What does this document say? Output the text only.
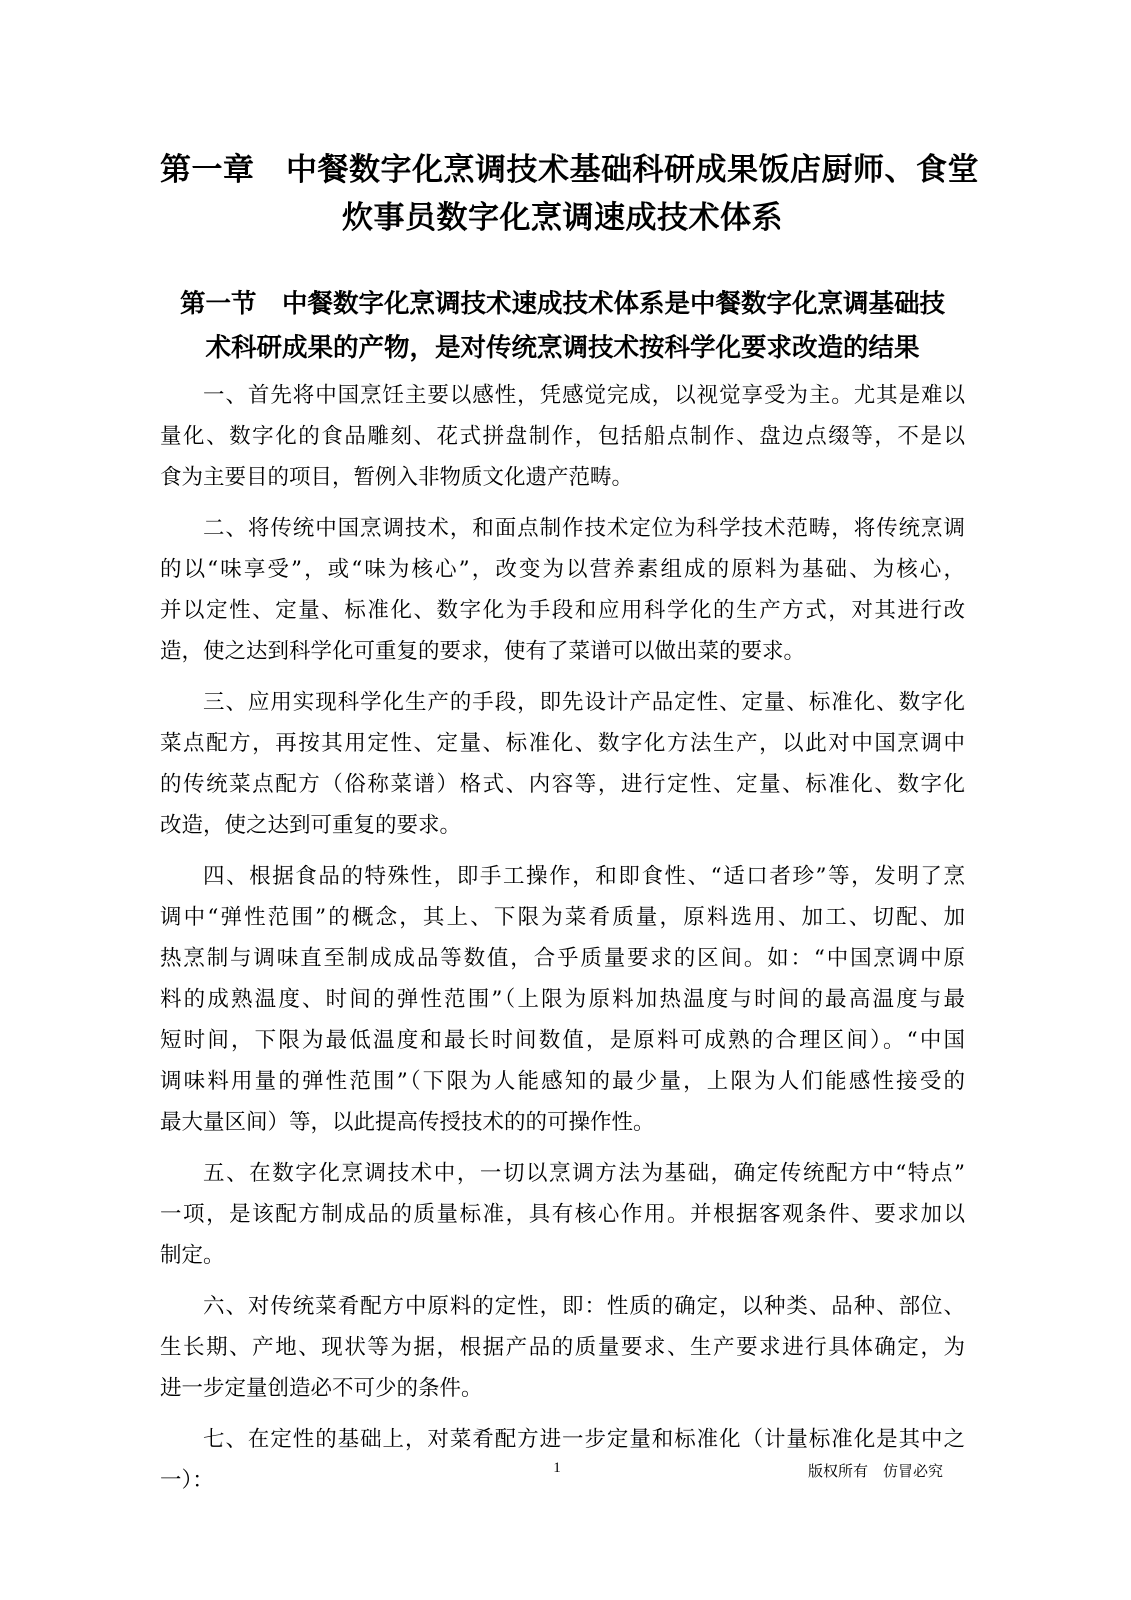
第一章　中餐数字化烹调技术基础科研成果饭店厨师、食堂
炊事员数字化烹调速成技术体系
第一节　中餐数字化烹调技术速成技术体系是中餐数字化烹调基础技
术科研成果的产物，是对传统烹调技术按科学化要求改造的结果

一、首先将中国烹饪主要以感性，凭感觉完成，以视觉享受为主。尤其是难以
量化、数字化的食品雕刻、花式拼盘制作，包括船点制作、盘边点缀等，不是以
食为主要目的项目，暂例入非物质文化遗产范畴。

二、将传统中国烹调技术，和面点制作技术定位为科学技术范畴，将传统烹调
的以“味享受”，或“味为核心”，改变为以营养素组成的原料为基础、为核心，
并以定性、定量、标准化、数字化为手段和应用科学化的生产方式，对其进行改
造，使之达到科学化可重复的要求，使有了菜谱可以做出菜的要求。

三、应用实现科学化生产的手段，即先设计产品定性、定量、标准化、数字化
菜点配方，再按其用定性、定量、标准化、数字化方法生产，以此对中国烹调中
的传统菜点配方（俗称菜谱）格式、内容等，进行定性、定量、标准化、数字化
改造，使之达到可重复的要求。

四、根据食品的特殊性，即手工操作，和即食性、“适口者珍”等，发明了烹
调中“弹性范围”的概念，其上、下限为菜肴质量，原料选用、加工、切配、加
热烹制与调味直至制成成品等数值，合乎质量要求的区间。如：“中国烹调中原
料的成熟温度、时间的弹性范围”（上限为原料加热温度与时间的最高温度与最
短时间，下限为最低温度和最长时间数值，是原料可成熟的合理区间）。“中国
调味料用量的弹性范围”（下限为人能感知的最少量，上限为人们能感性接受的
最大量区间）等，以此提高传授技术的的可操作性。

五、在数字化烹调技术中，一切以烹调方法为基础，确定传统配方中“特点”
一项，是该配方制成品的质量标准，具有核心作用。并根据客观条件、要求加以
制定。

六、对传统菜肴配方中原料的定性，即：性质的确定，以种类、品种、部位、
生长期、产地、现状等为据，根据产品的质量要求、生产要求进行具体确定，为
进一步定量创造必不可少的条件。

七、在定性的基础上，对菜肴配方进一步定量和标准化（计量标准化是其中之
一）：	1	版权所有　仿冒必究
